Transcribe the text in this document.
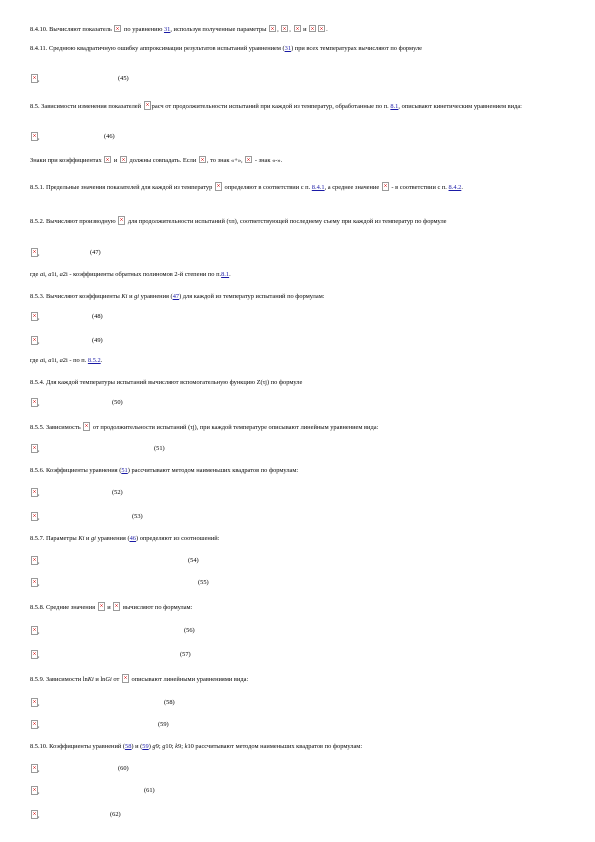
8.4.10. Вычисляют показатель по уравнению 31, используя полученные параметры , ,  и	.
8.4.11. Среднюю квадратичную ошибку аппроксимации результатов испытаний уравнением (31) при всех температурах вычисляют по формуле
,	(45)
8.5. Зависимости изменения показателей расч от продолжительности испытаний при каждой из температур, обработанные по п. 8.1, описывают кинетическим уравнением вида:
,	(46)
Знаки при коэффициентах и должны совпадать. Если , то знак «+», - знак «-».
8.5.1. Предельные значения показателей для каждой из температур определяют в соответствии с п. 8.4.1, а среднее значение - в соответствии с п. 8.4.2.
8.5.2. Вычисляют производную для продолжительности испытаний (τп), соответствующей последнему съему при каждой из температур по формуле
,	(47)
где ai, a1i, a2i - коэффициенты обратных полиномов 2-й степени по п.8.1.
8.5.3. Вычисляют коэффициенты Ki и gi уравнения (47) для каждой из температур испытаний по формулам:
,	(48)
,	(49)
где ai, a1i, a2i - по п. 8.5.2.
8.5.4. Для каждой температуры испытаний вычисляют вспомогательную функцию Z(τj) по формуле
,	(50)
8.5.5. Зависимость от продолжительности испытаний (τj), при каждой температуре описывают линейным уравнением вида:
,	(51)
8.5.6. Коэффициенты уравнения (51) рассчитывают методом наименьших квадратов по формулам:
,	(52)
,	(53)
8.5.7. Параметры Ki и gi уравнения (46) определяют из соотношений:
,	(54)
,	(55)
8.5.8. Средние значения и вычисляют по формулам:
,	(56)
,	(57)
8.5.9. Зависимости lnKi и lnGi от описывают линейными уравнениями вида:
,	(58)
,	(59)
8.5.10. Коэффициенты уравнений (58) и (59) g9; g10; k9; k10 рассчитывают методом наименьших квадратов по формулам:
,	(60)
,	(61)
,	(62)
